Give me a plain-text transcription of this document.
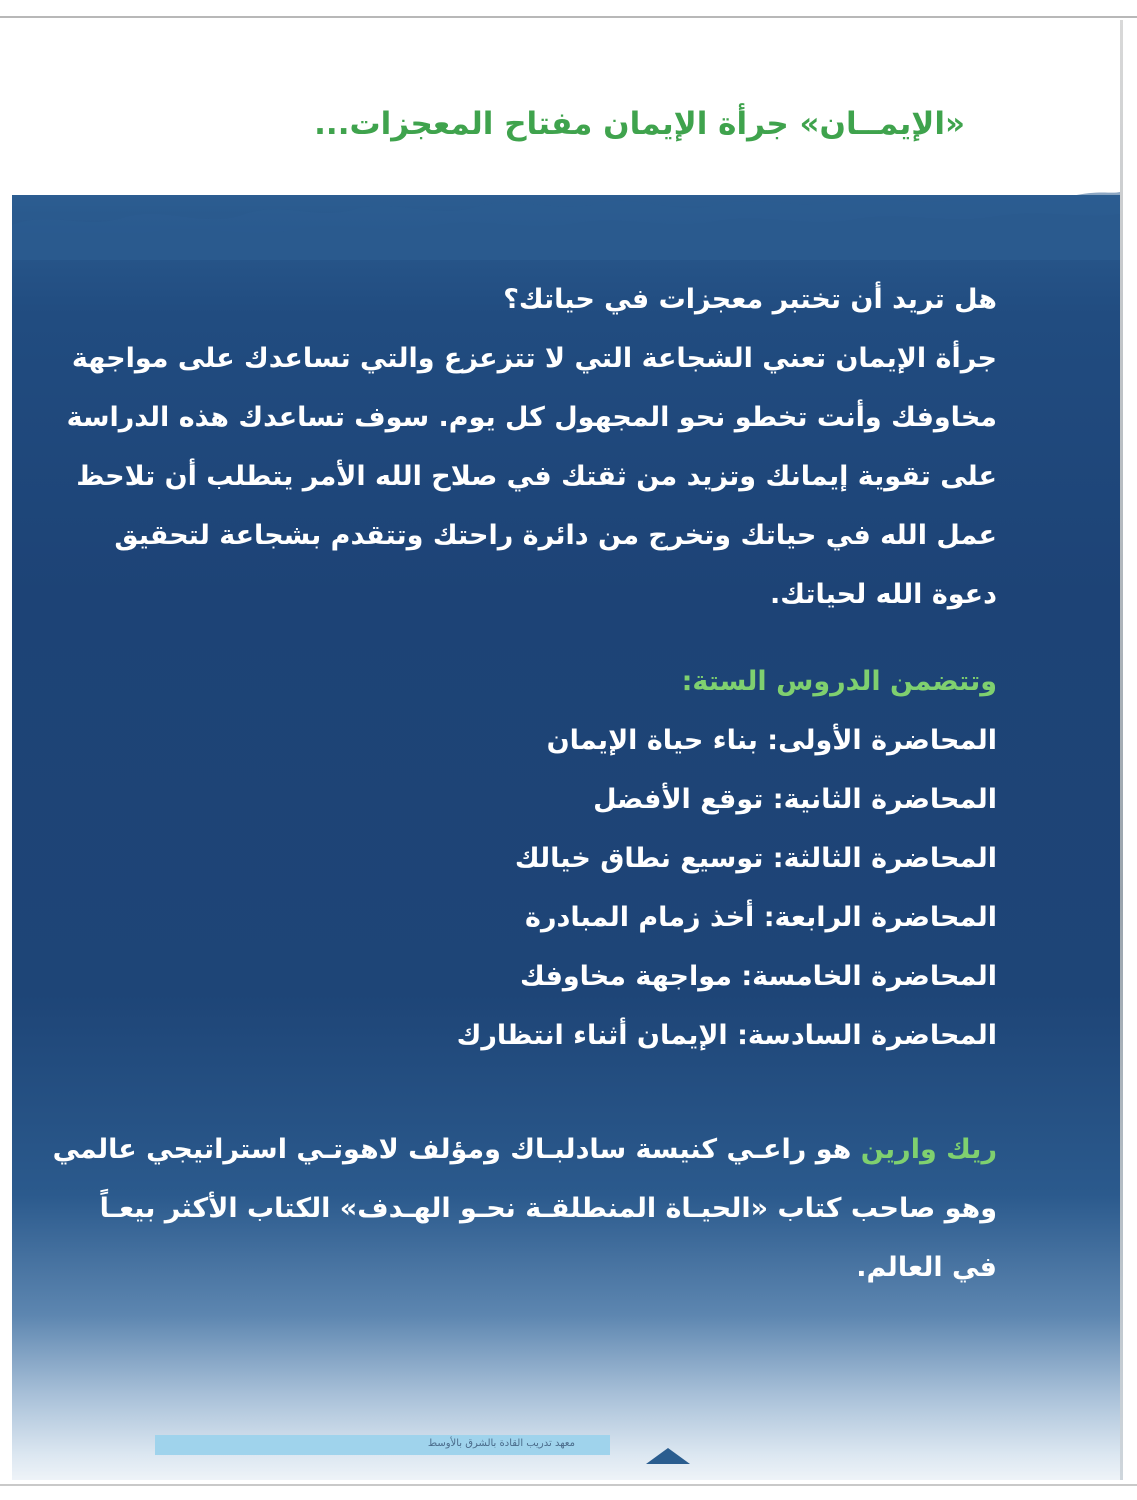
«الإيمــان» جرأة الإيمان مفتاح المعجزات...
هل تريد أن تختبر معجزات في حياتك؟
جرأة الإيمان تعني الشجاعة التي لا تتزعزع والتي تساعدك على مواجهة
مخاوفك وأنت تخطو نحو المجهول كل يوم. سوف تساعدك هذه الدراسة
على تقوية إيمانك وتزيد من ثقتك في صلاح الله الأمر يتطلب أن تلاحظ
عمل الله في حياتك وتخرج من دائرة راحتك وتتقدم بشجاعة لتحقيق
دعوة الله لحياتك.
وتتضمن الدروس الستة:
المحاضرة الأولى: بناء حياة الإيمان
المحاضرة الثانية: توقع الأفضل
المحاضرة الثالثة: توسيع نطاق خيالك
المحاضرة الرابعة: أخذ زمام المبادرة
المحاضرة الخامسة: مواجهة مخاوفك
المحاضرة السادسة: الإيمان أثناء انتظارك
ريك وارين هو راعـي كنيسة سادلبـاك ومؤلف لاهوتـي استراتيجي عالمي
وهو صاحب كتاب «الحيـاة المنطلقـة نحـو الهـدف» الكتاب الأكثر بيعـاً
في العالم.
معهد تدريب القادة بالشرق بالأوسط
